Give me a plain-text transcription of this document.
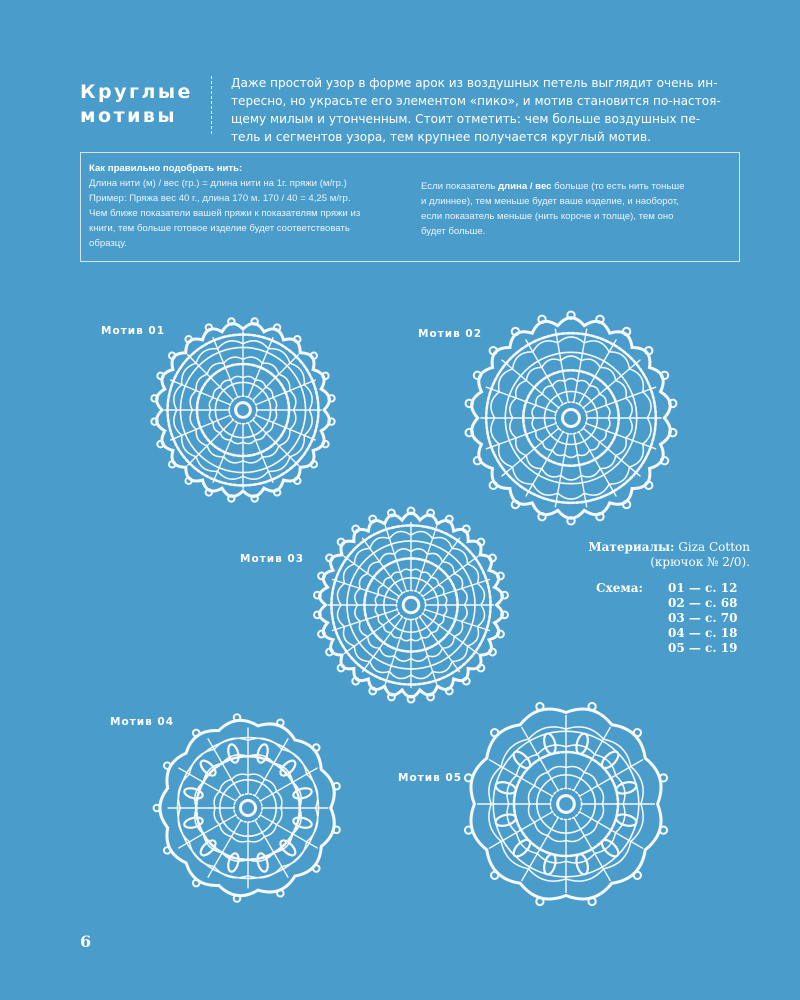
Круглые
мотивы
Даже простой узор в форме арок из воздушных петель выглядит очень ин-
тересно, но украсьте его элементом «пико», и мотив становится по-настоя-
щему милым и утонченным. Стоит отметить: чем больше воздушных пе-
тель и сегментов узора, тем крупнее получается круглый мотив.
Как правильно подобрать нить:
Длина нити (м) / вес (гр.) = длина нити на 1г. пряжи (м/гр.)
Пример: Пряжа вес 40 г., длина 170 м. 170 / 40 = 4,25 м/гр.
Чем ближе показатели вашей пряжи к показателям пряжи из
книги, тем больше готовое изделие будет соответствовать
образцу.
Если показатель длина / вес больше (то есть нить тоньше
и длиннее), тем меньше будет ваше изделие, и наоборот,
если показатель меньше (нить короче и толще), тем оно
будет больше.
Мотив 01	Мотив 02
Мотив 03
Мотив 04
Мотив 05
Материалы: Giza Cotton
(крючок № 2/0).
Схема: 01 — с. 12
02 — с. 68
03 — с. 70
04 — с. 18
05 — с. 19
6
